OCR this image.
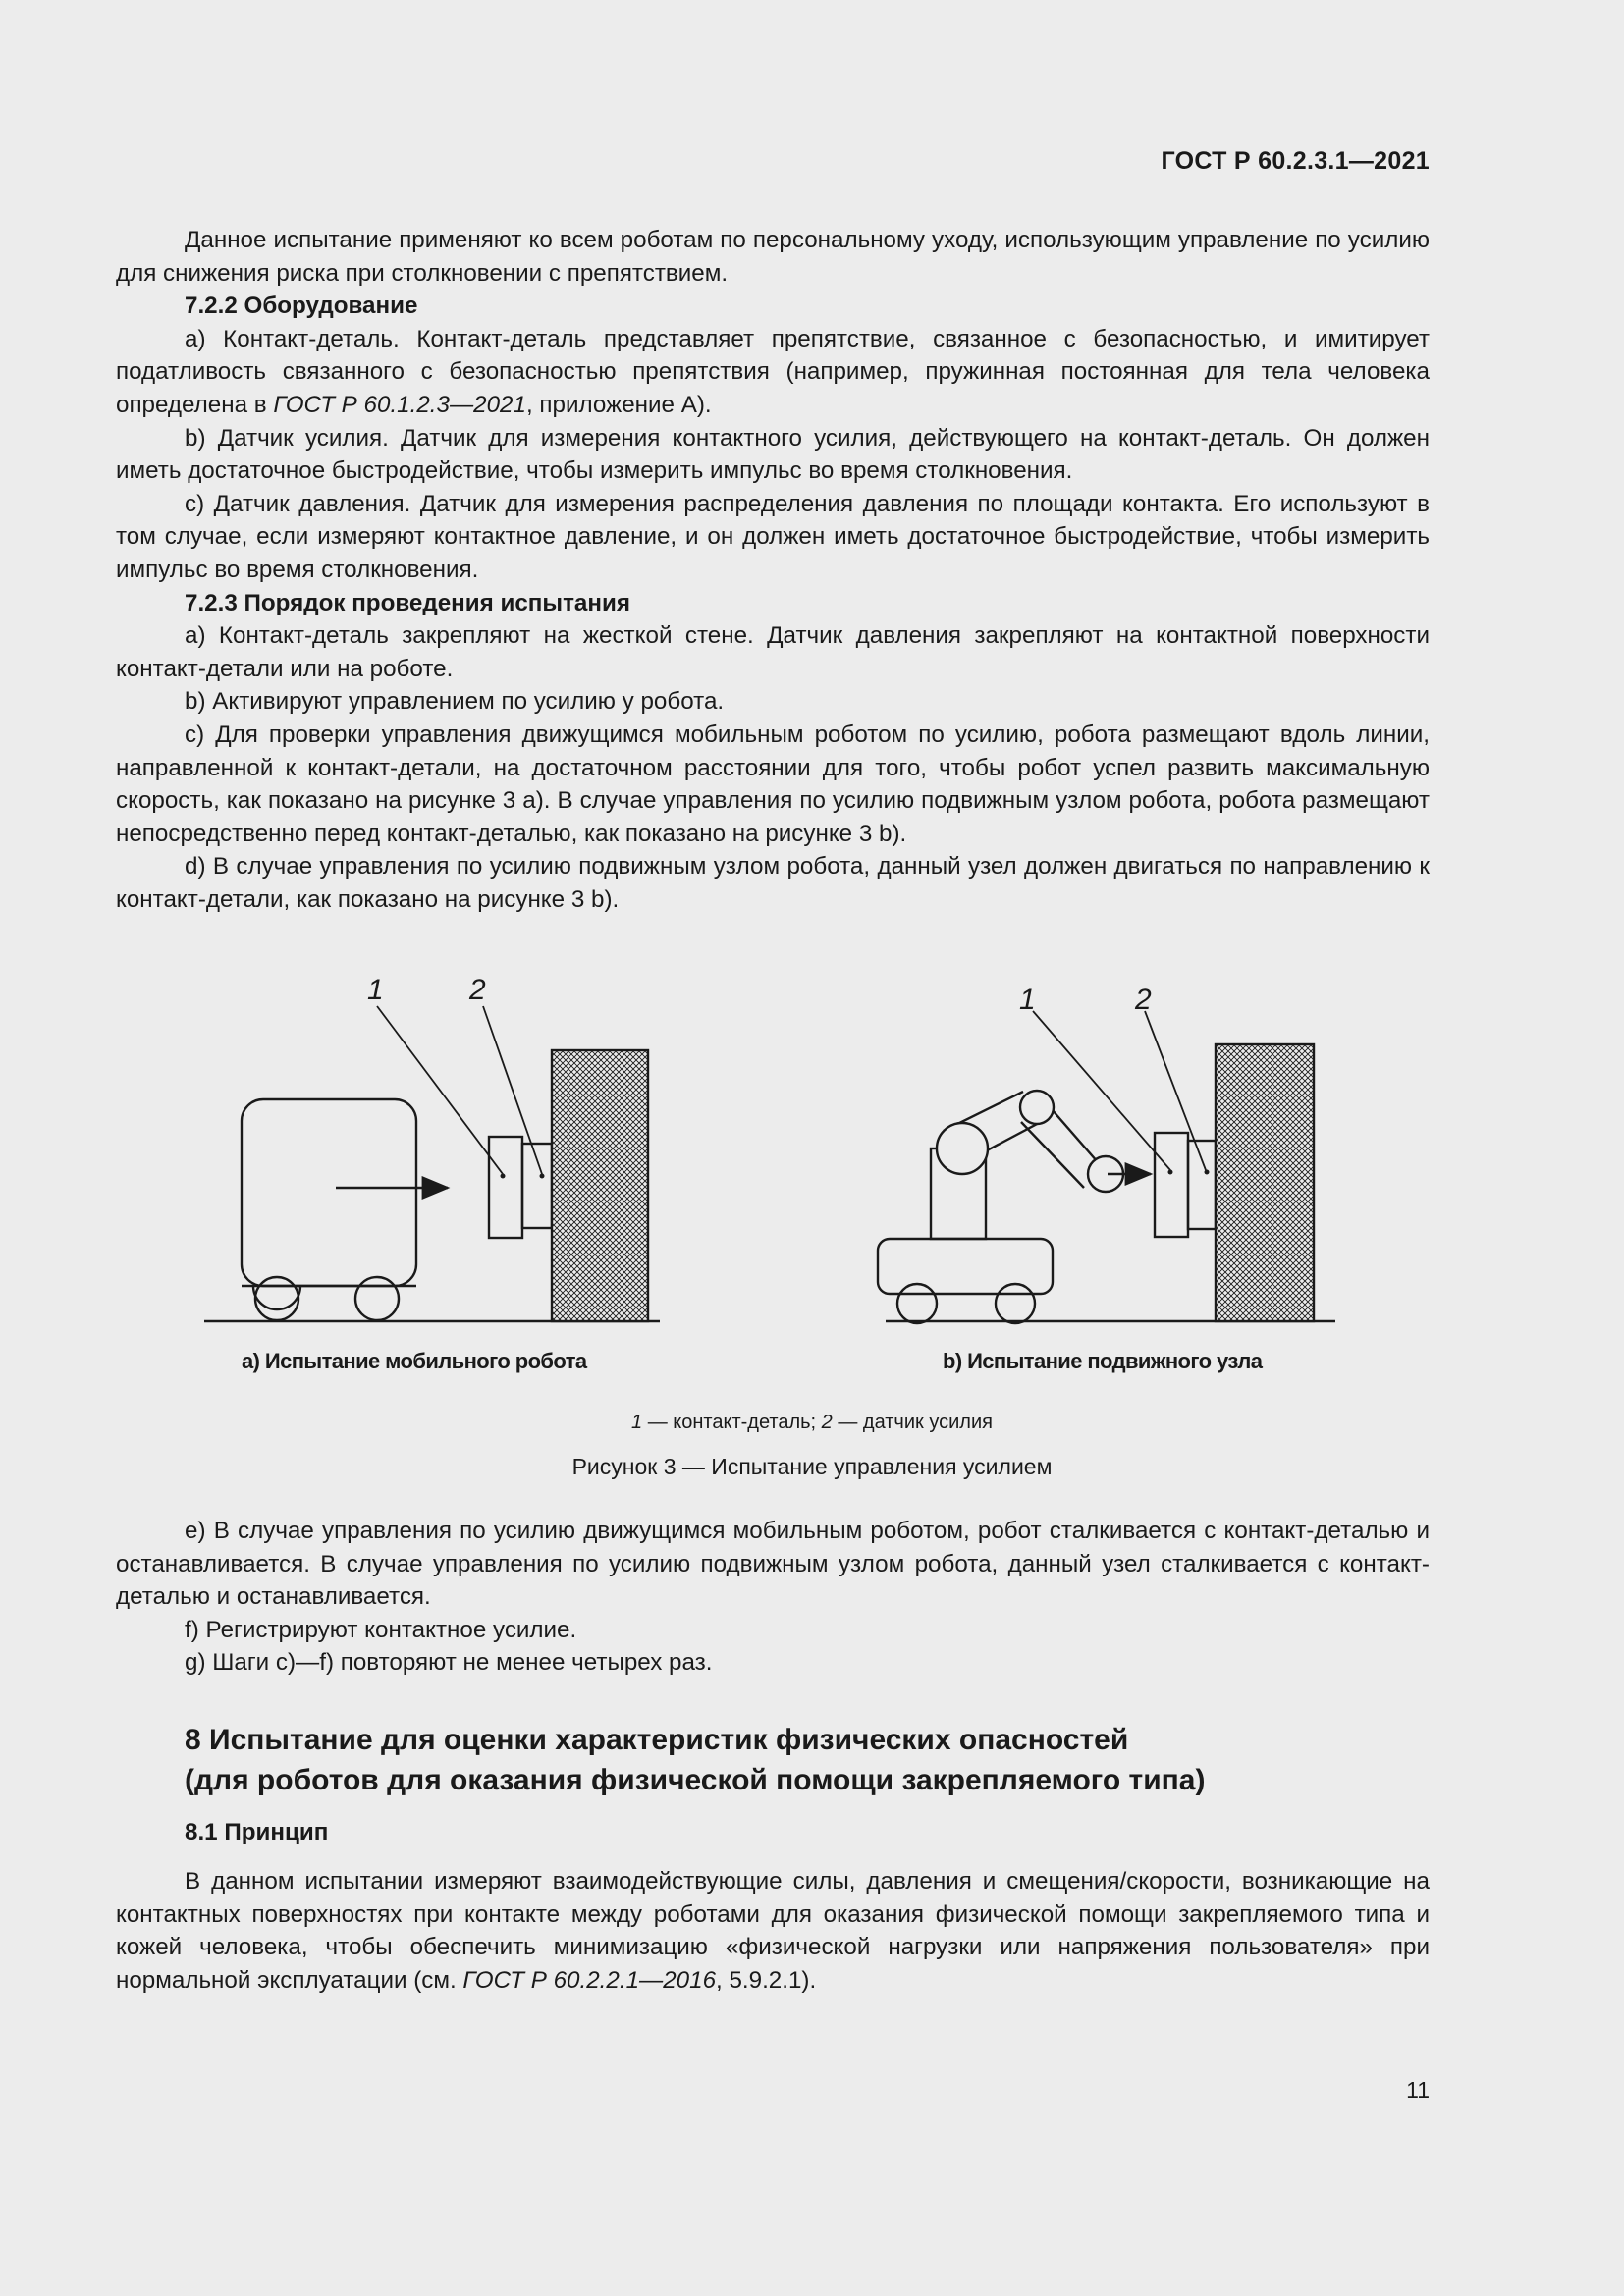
ГОСТ Р 60.2.3.1—2021

Данное испытание применяют ко всем роботам по персональному уходу, использующим управление по усилию для снижения риска при столкновении с препятствием.

7.2.2 Оборудование

a) Контакт-деталь. Контакт-деталь представляет препятствие, связанное с безопасностью, и имитирует податливость связанного с безопасностью препятствия (например, пружинная постоянная для тела человека определена в ГОСТ Р 60.1.2.3—2021, приложение А).

b) Датчик усилия. Датчик для измерения контактного усилия, действующего на контакт-деталь. Он должен иметь достаточное быстродействие, чтобы измерить импульс во время столкновения.

c) Датчик давления. Датчик для измерения распределения давления по площади контакта. Его используют в том случае, если измеряют контактное давление, и он должен иметь достаточное быстродействие, чтобы измерить импульс во время столкновения.

7.2.3 Порядок проведения испытания

a) Контакт-деталь закрепляют на жесткой стене. Датчик давления закрепляют на контактной поверхности контакт-детали или на роботе.

b) Активируют управлением по усилию у робота.

c) Для проверки управления движущимся мобильным роботом по усилию, робота размещают вдоль линии, направленной к контакт-детали, на достаточном расстоянии для того, чтобы робот успел развить максимальную скорость, как показано на рисунке 3 а). В случае управления по усилию подвижным узлом робота, робота размещают непосредственно перед контакт-деталью, как показано на рисунке 3 b).

d) В случае управления по усилию подвижным узлом робота, данный узел должен двигаться по направлению к контакт-детали, как показано на рисунке 3 b).

1	2	1	2
a) Испытание мобильного робота	b) Испытание подвижного узла
1 — контакт-деталь; 2 — датчик усилия
Рисунок 3 — Испытание управления усилием

e) В случае управления по усилию движущимся мобильным роботом, робот сталкивается с контакт-деталью и останавливается. В случае управления по усилию подвижным узлом робота, данный узел сталкивается с контакт-деталью и останавливается.

f) Регистрируют контактное усилие.

g) Шаги c)—f) повторяют не менее четырех раз.

8 Испытание для оценки характеристик физических опасностей
(для роботов для оказания физической помощи закрепляемого типа)
8.1 Принцип

В данном испытании измеряют взаимодействующие силы, давления и смещения/скорости, возникающие на контактных поверхностях при контакте между роботами для оказания физической помощи закрепляемого типа и кожей человека, чтобы обеспечить минимизацию «физической нагрузки или напряжения пользователя» при нормальной эксплуатации (см. ГОСТ Р 60.2.2.1—2016, 5.9.2.1).

11
